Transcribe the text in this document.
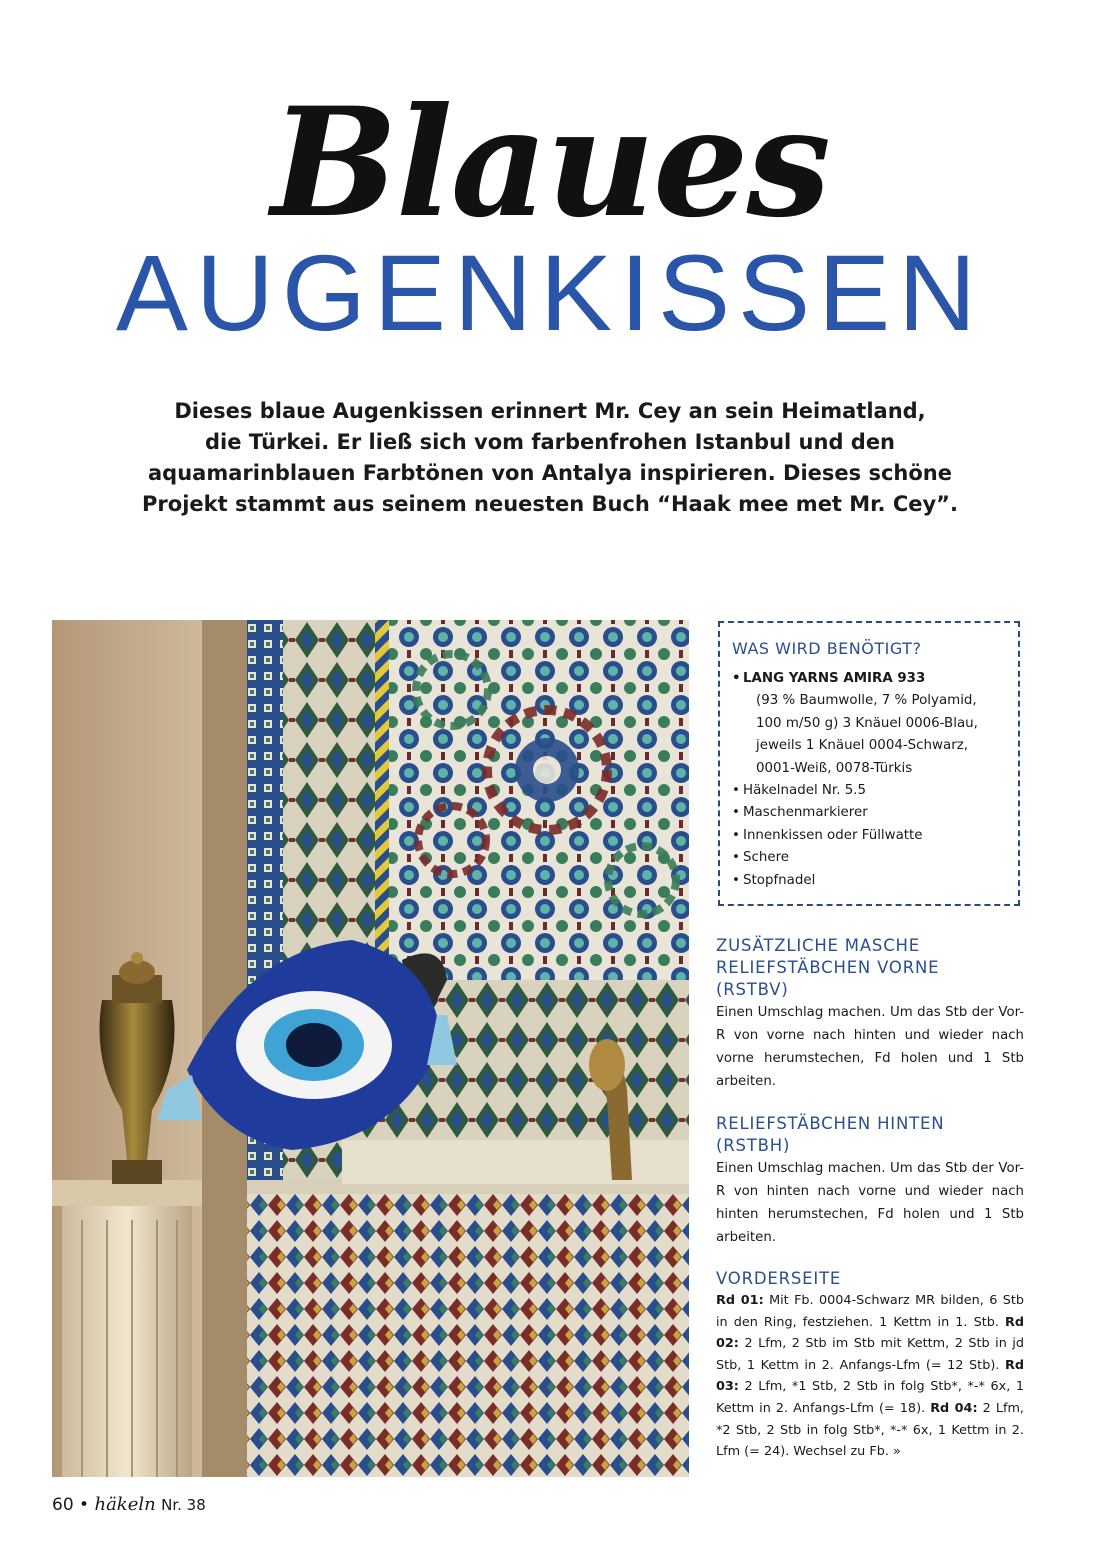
Blaues
AUGENKISSEN
Dieses blaue Augenkissen erinnert Mr. Cey an sein Heimatland,
die Türkei. Er ließ sich vom farbenfrohen Istanbul und den
aquamarinblauen Farbtönen von Antalya inspirieren. Dieses schöne
Projekt stammt aus seinem neuesten Buch “Haak mee met Mr. Cey”.
WAS WIRD BENÖTIGT?
• LANG YARNS AMIRA 933
(93 % Baumwolle, 7 % Polyamid,
100 m/50 g) 3 Knäuel 0006-Blau,
jeweils 1 Knäuel 0004-Schwarz,
0001-Weiß, 0078-Türkis
• Häkelnadel Nr. 5.5
• Maschenmarkierer
• Innenkissen oder Füllwatte
• Schere
• Stopfnadel
ZUSÄTZLICHE MASCHE
RELIEFSTÄBCHEN VORNE
(RSTBV)
Einen Umschlag machen. Um das Stb der Vor-R von vorne nach hinten und wieder nach vorne herumstechen, Fd holen und 1 Stb arbeiten.
RELIEFSTÄBCHEN HINTEN
(RSTBH)
Einen Umschlag machen. Um das Stb der Vor-R von hinten nach vorne und wieder nach hinten herumstechen, Fd holen und 1 Stb arbeiten.
VORDERSEITE
Rd 01: Mit Fb. 0004-Schwarz MR bilden, 6 Stb in den Ring, festziehen. 1 Kettm in 1. Stb. Rd 02: 2 Lfm, 2 Stb im Stb mit Kettm, 2 Stb in jd Stb, 1 Kettm in 2. Anfangs-Lfm (= 12 Stb). Rd 03: 2 Lfm, *1 Stb, 2 Stb in folg Stb*, *-* 6x, 1 Kettm in 2. Anfangs-Lfm (= 18). Rd 04: 2 Lfm, *2 Stb, 2 Stb in folg Stb*, *-* 6x, 1 Kettm in 2. Lfm (= 24). Wechsel zu Fb. »
60 • häkeln Nr. 38
